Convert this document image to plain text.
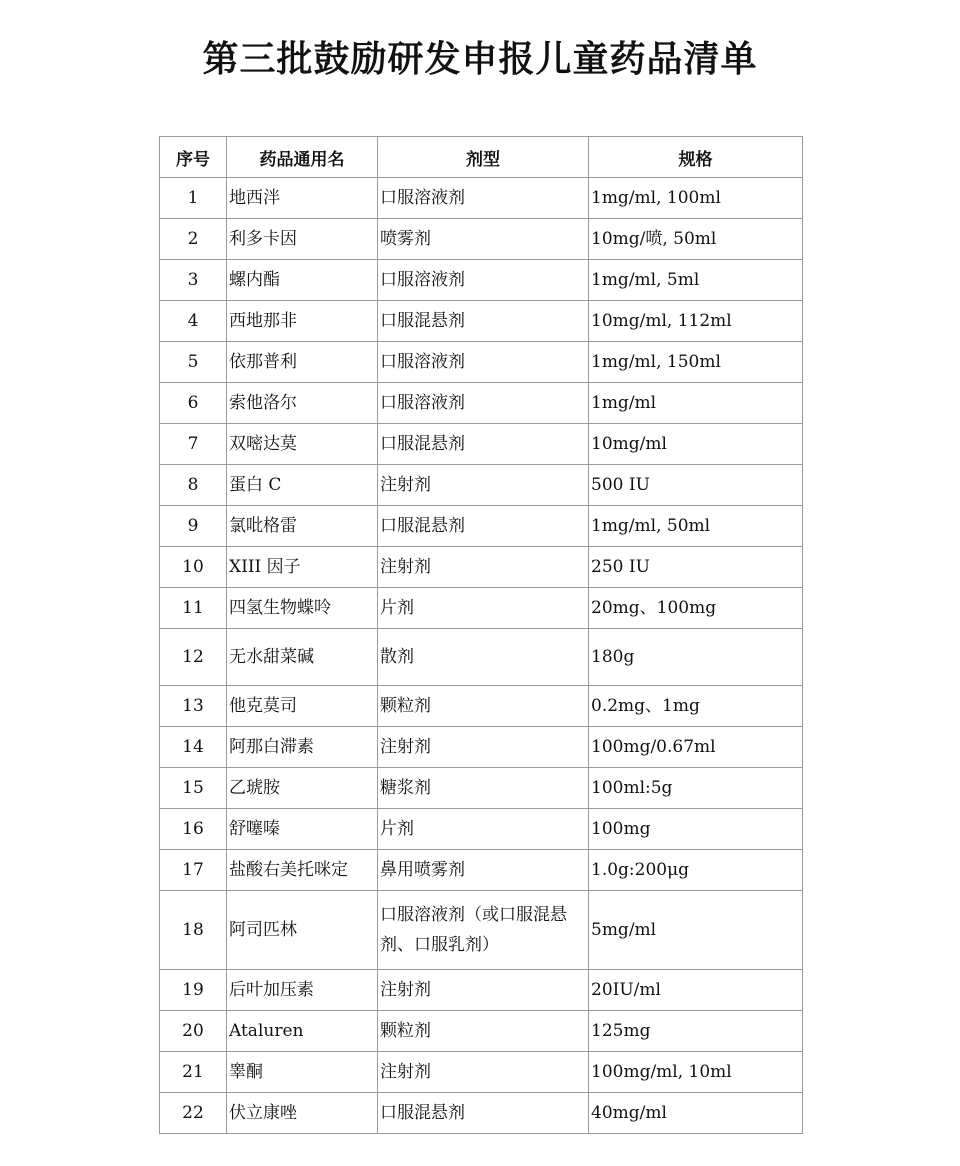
第三批鼓励研发申报儿童药品清单
序号	药品通用名	剂型	规格
1	地西泮	口服溶液剂	1mg/ml, 100ml
2	利多卡因	喷雾剂	10mg/喷, 50ml
3	螺内酯	口服溶液剂	1mg/ml, 5ml
4	西地那非	口服混悬剂	10mg/ml, 112ml
5	依那普利	口服溶液剂	1mg/ml, 150ml
6	索他洛尔	口服溶液剂	1mg/ml
7	双嘧达莫	口服混悬剂	10mg/ml
8	蛋白 C	注射剂	500 IU
9	氯吡格雷	口服混悬剂	1mg/ml, 50ml
10	XIII 因子	注射剂	250 IU
11	四氢生物蝶呤	片剂	20mg、100mg
12	无水甜菜碱	散剂	180g
13	他克莫司	颗粒剂	0.2mg、1mg
14	阿那白滞素	注射剂	100mg/0.67ml
15	乙琥胺	糖浆剂	100ml:5g
16	舒噻嗪	片剂	100mg
17	盐酸右美托咪定	鼻用喷雾剂	1.0g:200μg
18	阿司匹林	口服溶液剂（或口服混悬剂、口服乳剂）	5mg/ml
19	后叶加压素	注射剂	20IU/ml
20	Ataluren	颗粒剂	125mg
21	睾酮	注射剂	100mg/ml, 10ml
22	伏立康唑	口服混悬剂	40mg/ml
